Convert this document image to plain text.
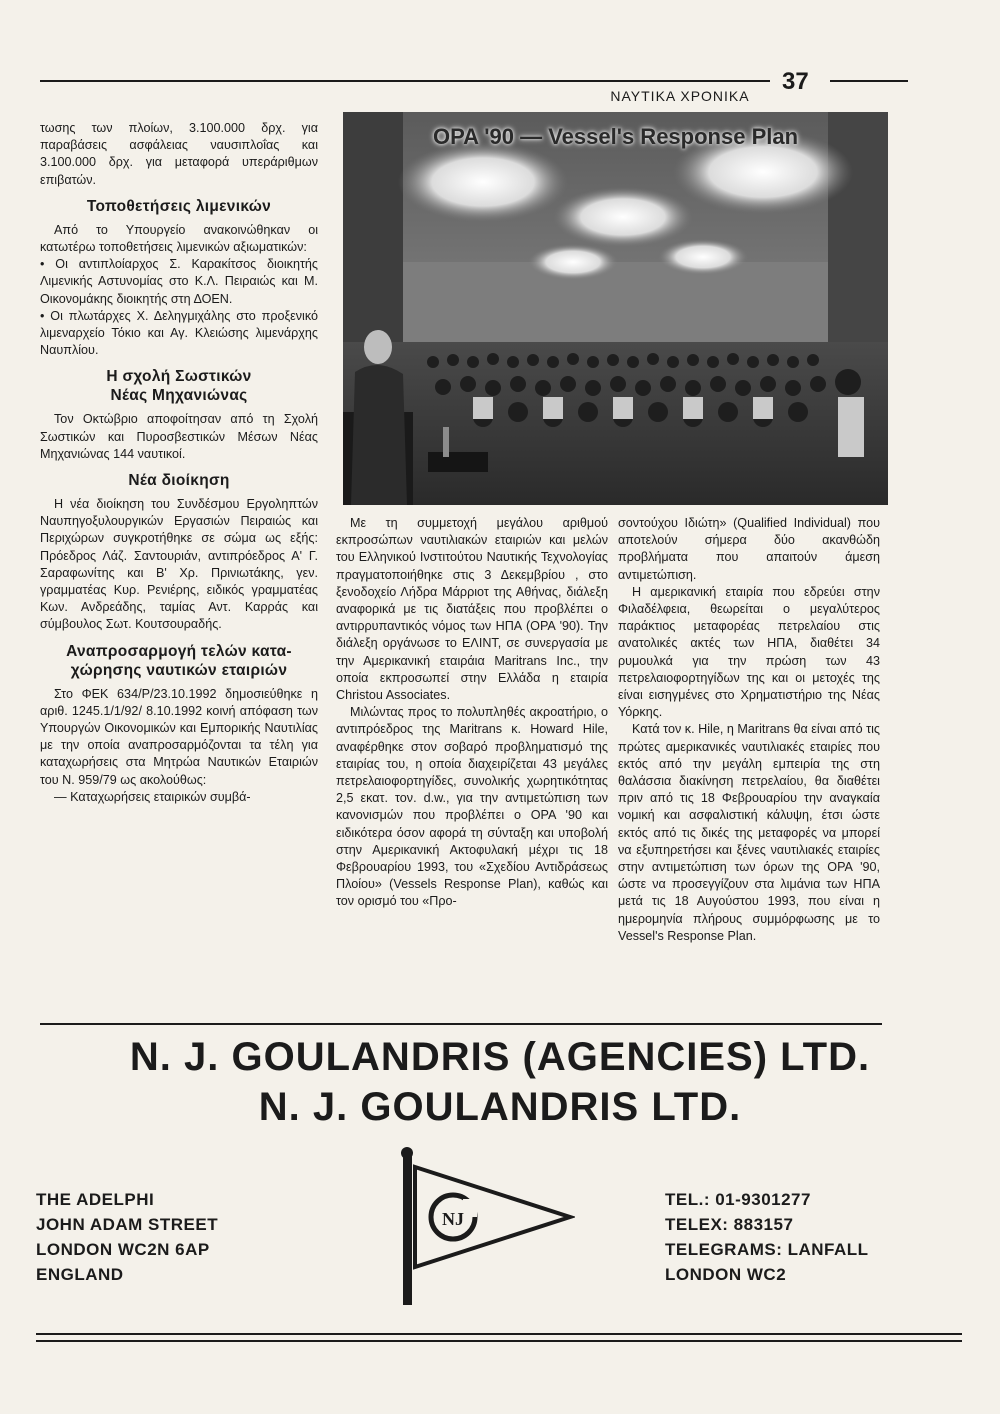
ΝΑΥΤΙΚΑ ΧΡΟΝΙΚΑ
37

τωσης των πλοίων, 3.100.000 δρχ. για παραβάσεις ασφάλειας ναυσιπλοΐας και 3.100.000 δρχ. για μεταφορά υπεράριθμων επιβατών.

Τοποθετήσεις λιμενικών

Από το Υπουργείο ανακοινώθηκαν οι κατωτέρω τοποθετήσεις λιμενικών αξιωματικών:

• Οι αντιπλοίαρχος Σ. Καρακίτσος διοικητής Λιμενικής Αστυνομίας στο Κ.Λ. Πειραιώς και Μ. Οικονομάκης διοικητής στη ΔΟΕΝ.

• Οι πλωτάρχες Χ. Δεληγμιχάλης στο προξενικό λιμεναρχείο Τόκιο και Αγ. Κλειώσης λιμενάρχης Ναυπλίου.

Η σχολή Σωστικών
Νέας Μηχανιώνας

Τον Οκτώβριο αποφοίτησαν από τη Σχολή Σωστικών και Πυροσβεστικών Μέσων Νέας Μηχανιώνας 144 ναυτικοί.

Νέα διοίκηση

Η νέα διοίκηση του Συνδέσμου Εργοληπτών Ναυπηγοξυλουργικών Εργασιών Πειραιώς και Περιχώρων συγκροτήθηκε σε σώμα ως εξής: Πρόεδρος Λάζ. Σαντουριάν, αντιπρόεδρος Α' Γ. Σαραφωνίτης και Β' Χρ. Πρινιωτάκης, γεν. γραμματέας Κυρ. Ρενιέρης, ειδικός γραμματέας Κων. Ανδρεάδης, ταμίας Αντ. Καρράς και σύμβουλος Σωτ. Κουτσουραδής.

Αναπροσαρμογή τελών κατα-
χώρησης ναυτικών εταιριών

Στο ΦΕΚ 634/Ρ/23.10.1992 δημοσιεύθηκε η αριθ. 1245.1/1/92/ 8.10.1992 κοινή απόφαση των Υπουργών Οικονομικών και Εμπορικής Ναυτιλίας με την οποία αναπροσαρμόζονται τα τέλη για καταχωρήσεις στα Μητρώα Ναυτικών Εταιριών του Ν. 959/79 ως ακολούθως:

— Καταχωρήσεις εταιρικών συμβά-

OPA '90 — Vessel's Response Plan

Με τη συμμετοχή μεγάλου αριθμού εκπροσώπων ναυτιλιακών εταιριών και μελών του Ελληνικού Ινστιτούτου Ναυτικής Τεχνολογίας πραγματοποιήθηκε στις 3 Δεκεμβρίου , στο ξενοδοχείο Λήδρα Μάρριοτ της Αθήνας, διάλεξη αναφορικά με τις διατάξεις που προβλέπει ο αντιρρυπαντικός νόμος των ΗΠΑ (ΟΡΑ '90). Την διάλεξη οργάνωσε το ΕΛΙΝΤ, σε συνεργασία με την Αμερικανική εταιράια Maritrans Inc., την οποία εκπροσωπεί στην Ελλάδα η εταιρία Christou Associates.

Μιλώντας προς το πολυπληθές ακροατήριο, ο αντιπρόεδρος της Maritrans κ. Howard Hile, αναφέρθηκε στον σοβαρό προβληματισμό της εταιρίας του, η οποία διαχειρίζεται 43 μεγάλες πετρελαιοφορτηγίδες, συνολικής χωρητικότητας 2,5 εκατ. τον. d.w., για την αντιμετώπιση των κανονισμών που προβλέπει ο ΟΡΑ '90 και ειδικότερα όσον αφορά τη σύνταξη και υποβολή στην Αμερικανική Ακτοφυλακή μέχρι τις 18 Φεβρουαρίου 1993, του «Σχεδίου Αντιδράσεως Πλοίου» (Vessels Response Plan), καθώς και τον ορισμό του «Προ-

σοντούχου Ιδιώτη» (Qualified Individual) που αποτελούν σήμερα δύο ακανθώδη προβλήματα που απαιτούν άμεση αντιμετώπιση.

Η αμερικανική εταιρία που εδρεύει στην Φιλαδέλφεια, θεωρείται ο μεγαλύτερος παράκτιος μεταφορέας πετρελαίου στις ανατολικές ακτές των ΗΠΑ, διαθέτει 34 ρυμουλκά για την πρώση των 43 πετρελαιοφορτηγίδων της και οι μετοχές της είναι εισηγμένες στο Χρηματιστήριο της Νέας Υόρκης.

Κατά τον κ. Hile, η Maritrans θα είναι από τις πρώτες αμερικανικές ναυτιλιακές εταιρίες που εκτός από την μεγάλη εμπειρία της στη θαλάσσια διακίνηση πετρελαίου, θα διαθέτει πριν από τις 18 Φεβρουαρίου την αναγκαία νομική και ασφαλιστική κάλυψη, έτσι ώστε εκτός από τις δικές της μεταφορές να μπορεί να εξυπηρετήσει και ξένες ναυτιλιακές εταιρίες στην αντιμετώπιση των όρων της ΟΡΑ '90, ώστε να προσεγγίζουν στα λιμάνια των ΗΠΑ μετά τις 18 Αυγούστου 1993, που είναι η ημερομηνία πλήρους συμμόρφωσης με το Vessel's Response Plan.

N. J. GOULANDRIS (AGENCIES) LTD.
N. J. GOULANDRIS LTD.
NJ
THE ADELPHI
JOHN ADAM STREET
LONDON WC2N 6AP
ENGLAND
TEL.: 01-9301277
TELEX: 883157
TELEGRAMS: LANFALL
LONDON WC2
